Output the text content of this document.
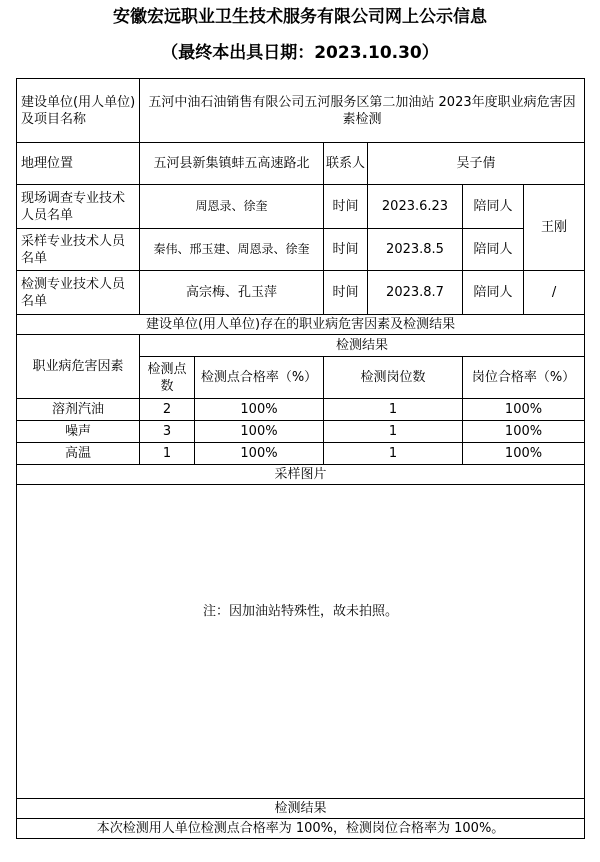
安徽宏远职业卫生技术服务有限公司网上公示信息
（最终本出具日期：2023.10.30）
建设单位(用人单位)及项目名称	五河中油石油销售有限公司五河服务区第二加油站 2023年度职业病危害因素检测					
地理位置	五河县新集镇蚌五高速路北		联系人	吴子倩		
现场调查专业技术人员名单	周恩录、徐奎		时间	2023.6.23	陪同人	王刚
采样专业技术人员名单	秦伟、邢玉建、周恩录、徐奎		时间	2023.8.5	陪同人	
检测专业技术人员名单	高宗梅、孔玉萍		时间	2023.8.7	陪同人	/
建设单位(用人单位)存在的职业病危害因素及检测结果						
职业病危害因素	检测结果					
	检测点数	检测点合格率（%）	检测岗位数		岗位合格率（%）	
溶剂汽油	2	100%	1		100%	
噪声	3	100%	1		100%	
高温	1	100%	1		100%	
采样图片						

注：因加油站特殊性，故未拍照。						

检测结果						
本次检测用人单位检测点合格率为 100%，检测岗位合格率为 100%。						
